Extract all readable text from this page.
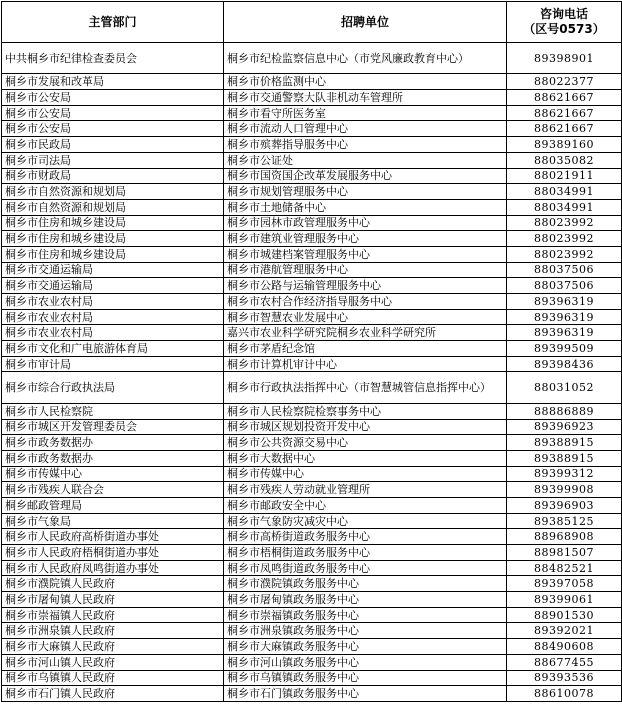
主管部门	招聘单位	咨询电话
（区号0573）
中共桐乡市纪律检查委员会	桐乡市纪检监察信息中心（市党风廉政教育中心）	89398901
桐乡市发展和改革局	桐乡市价格监测中心	88022377
桐乡市公安局	桐乡市交通警察大队非机动车管理所	88621667
桐乡市公安局	桐乡市看守所医务室	88621667
桐乡市公安局	桐乡市流动人口管理中心	88621667
桐乡市民政局	桐乡市殡葬指导服务中心	89389160
桐乡市司法局	桐乡市公证处	88035082
桐乡市财政局	桐乡市国资国企改革发展服务中心	88021911
桐乡市自然资源和规划局	桐乡市规划管理服务中心	88034991
桐乡市自然资源和规划局	桐乡市土地储备中心	88034991
桐乡市住房和城乡建设局	桐乡市园林市政管理服务中心	88023992
桐乡市住房和城乡建设局	桐乡市建筑业管理服务中心	88023992
桐乡市住房和城乡建设局	桐乡市城建档案管理服务中心	88023992
桐乡市交通运输局	桐乡市港航管理服务中心	88037506
桐乡市交通运输局	桐乡市公路与运输管理服务中心	88037506
桐乡市农业农村局	桐乡市农村合作经济指导服务中心	89396319
桐乡市农业农村局	桐乡市智慧农业发展中心	89396319
桐乡市农业农村局	嘉兴市农业科学研究院桐乡农业科学研究所	89396319
桐乡市文化和广电旅游体育局	桐乡市茅盾纪念馆	89399509
桐乡市审计局	桐乡市计算机审计中心	89398436
桐乡市综合行政执法局	桐乡市行政执法指挥中心（市智慧城管信息指挥中心）	88031052
桐乡市人民检察院	桐乡市人民检察院检察事务中心	88886889
桐乡市城区开发管理委员会	桐乡市城区规划投资开发中心	89396923
桐乡市政务数据办	桐乡市公共资源交易中心	89388915
桐乡市政务数据办	桐乡市大数据中心	89388915
桐乡市传媒中心	桐乡市传媒中心	89399312
桐乡市残疾人联合会	桐乡市残疾人劳动就业管理所	89399908
桐乡邮政管理局	桐乡市邮政安全中心	89396903
桐乡市气象局	桐乡市气象防灾减灾中心	89385125
桐乡市人民政府高桥街道办事处	桐乡市高桥街道政务服务中心	88968908
桐乡市人民政府梧桐街道办事处	桐乡市梧桐街道政务服务中心	88981507
桐乡市人民政府凤鸣街道办事处	桐乡市凤鸣街道政务服务中心	88482521
桐乡市濮院镇人民政府	桐乡市濮院镇政务服务中心	89397058
桐乡市屠甸镇人民政府	桐乡市屠甸镇政务服务中心	89399061
桐乡市崇福镇人民政府	桐乡市崇福镇政务服务中心	88901530
桐乡市洲泉镇人民政府	桐乡市洲泉镇政务服务中心	89392021
桐乡市大麻镇人民政府	桐乡市大麻镇政务服务中心	88490608
桐乡市河山镇人民政府	桐乡市河山镇政务服务中心	88677455
桐乡市乌镇镇人民政府	桐乡市乌镇镇政务服务中心	89393536
桐乡市石门镇人民政府	桐乡市石门镇政务服务中心	88610078
